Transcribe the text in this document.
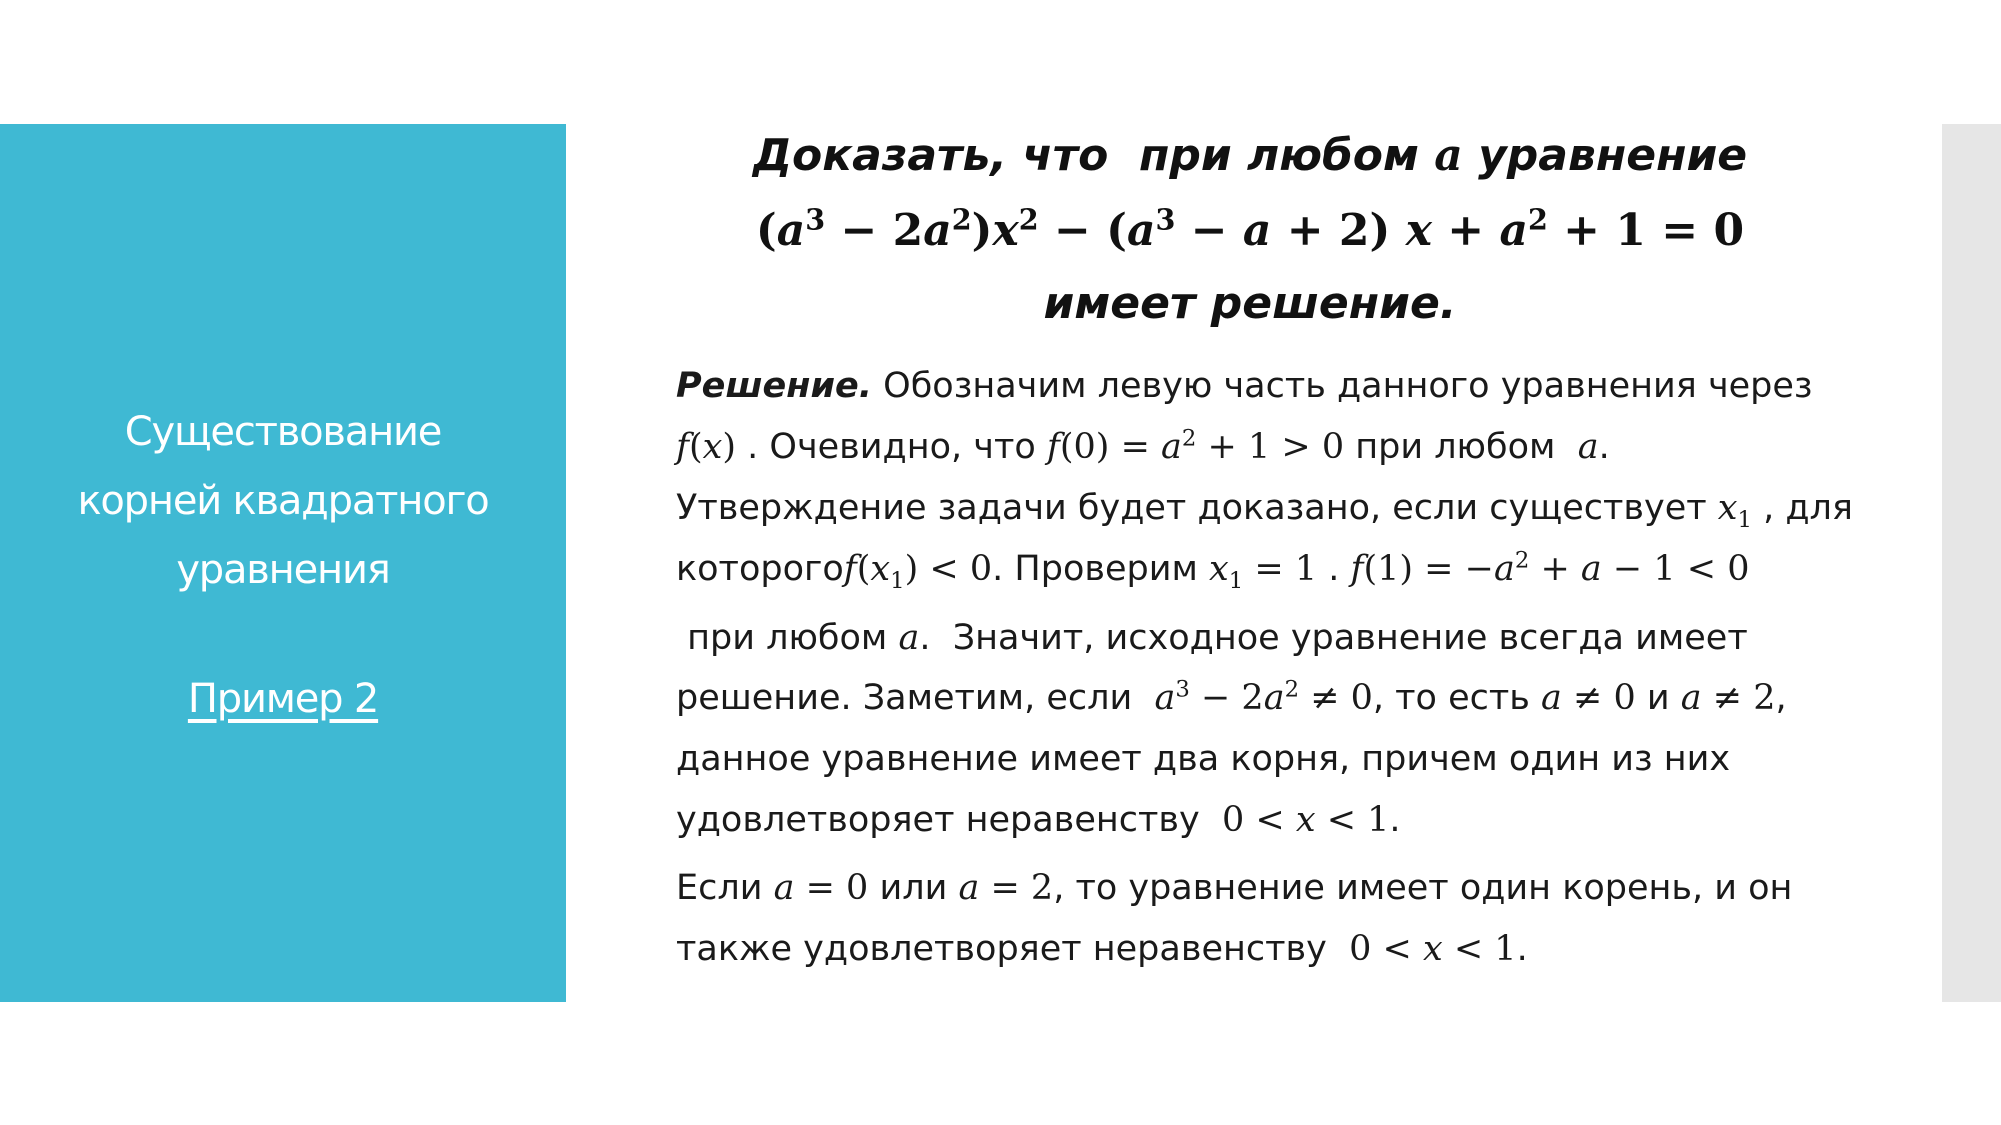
Существование
корней квадратного
уравнения
Пример 2
Доказать, что  при любом a уравнение
$(a^3 - 2a^2)x^2 - (a^3 - a + 2) x + a^2 + 1 = 0$
имеет решение.
Решение. Обозначим левую часть данного уравнения через
f(x) . Очевидно, что $f(0) = a^2 + 1 > 0$ при любом  a.
Утверждение задачи будет доказано, если существует $x_1$ , для
$которогоf(x_1) < 0$. Проверим $x_1 = 1$ . $f(1) = -a^2 + a - 1 < 0$
при любом a.  Значит, исходное уравнение всегда имеет
решение. Заметим, если  $a^3 - 2a^2 \ne 0$, то есть a ≠ 0 и a ≠ 2,
данное уравнение имеет два корня, причем один из них
удовлетворяет неравенству  0 < x < 1.
Если a = 0 или a = 2, то уравнение имеет один корень, и он
также удовлетворяет неравенству  0 < x < 1.
